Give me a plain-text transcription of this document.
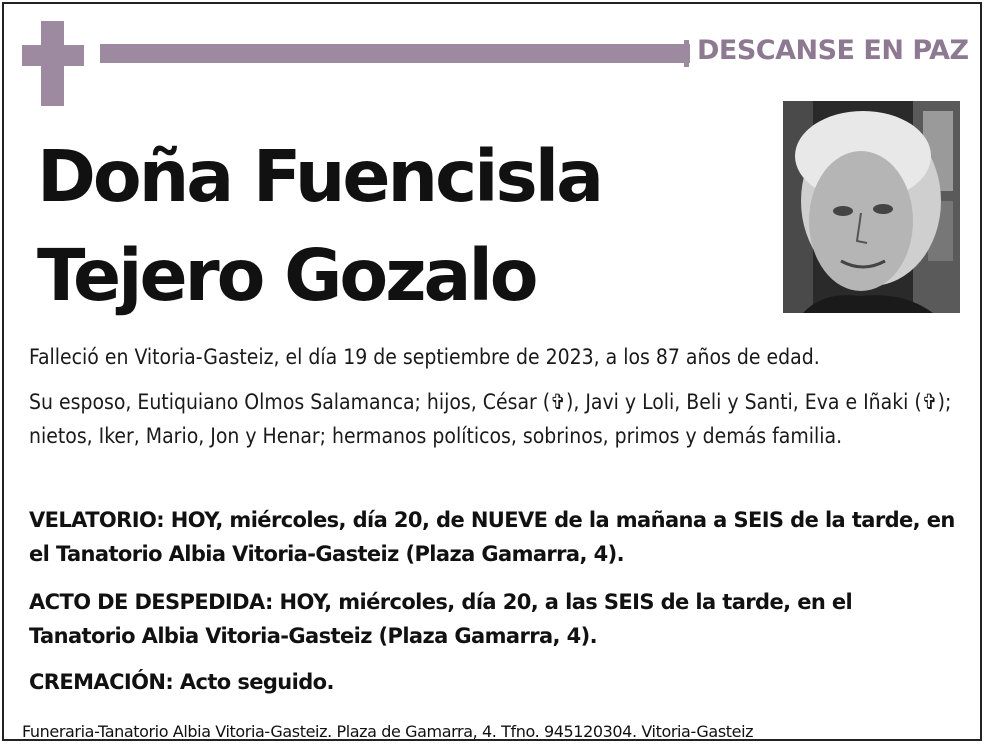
DESCANSE EN PAZ
Doña Fuencisla
Tejero Gozalo
Falleció en Vitoria-Gasteiz, el día 19 de septiembre de 2023, a los 87 años de edad.
Su esposo, Eutiquiano Olmos Salamanca; hijos, César (✞), Javi y Loli, Beli y Santi, Eva e Iñaki (✞); nietos, Iker, Mario, Jon y Henar; hermanos políticos, sobrinos, primos y demás familia.
VELATORIO: HOY, miércoles, día 20, de NUEVE de la mañana a SEIS de la tarde, en el Tanatorio Albia Vitoria-Gasteiz (Plaza Gamarra, 4).
ACTO DE DESPEDIDA: HOY, miércoles, día 20, a las SEIS de la tarde, en el Tanatorio Albia Vitoria-Gasteiz (Plaza Gamarra, 4).
CREMACIÓN: Acto seguido.
Funeraria-Tanatorio Albia Vitoria-Gasteiz. Plaza de Gamarra, 4. Tfno. 945120304. Vitoria-Gasteiz
